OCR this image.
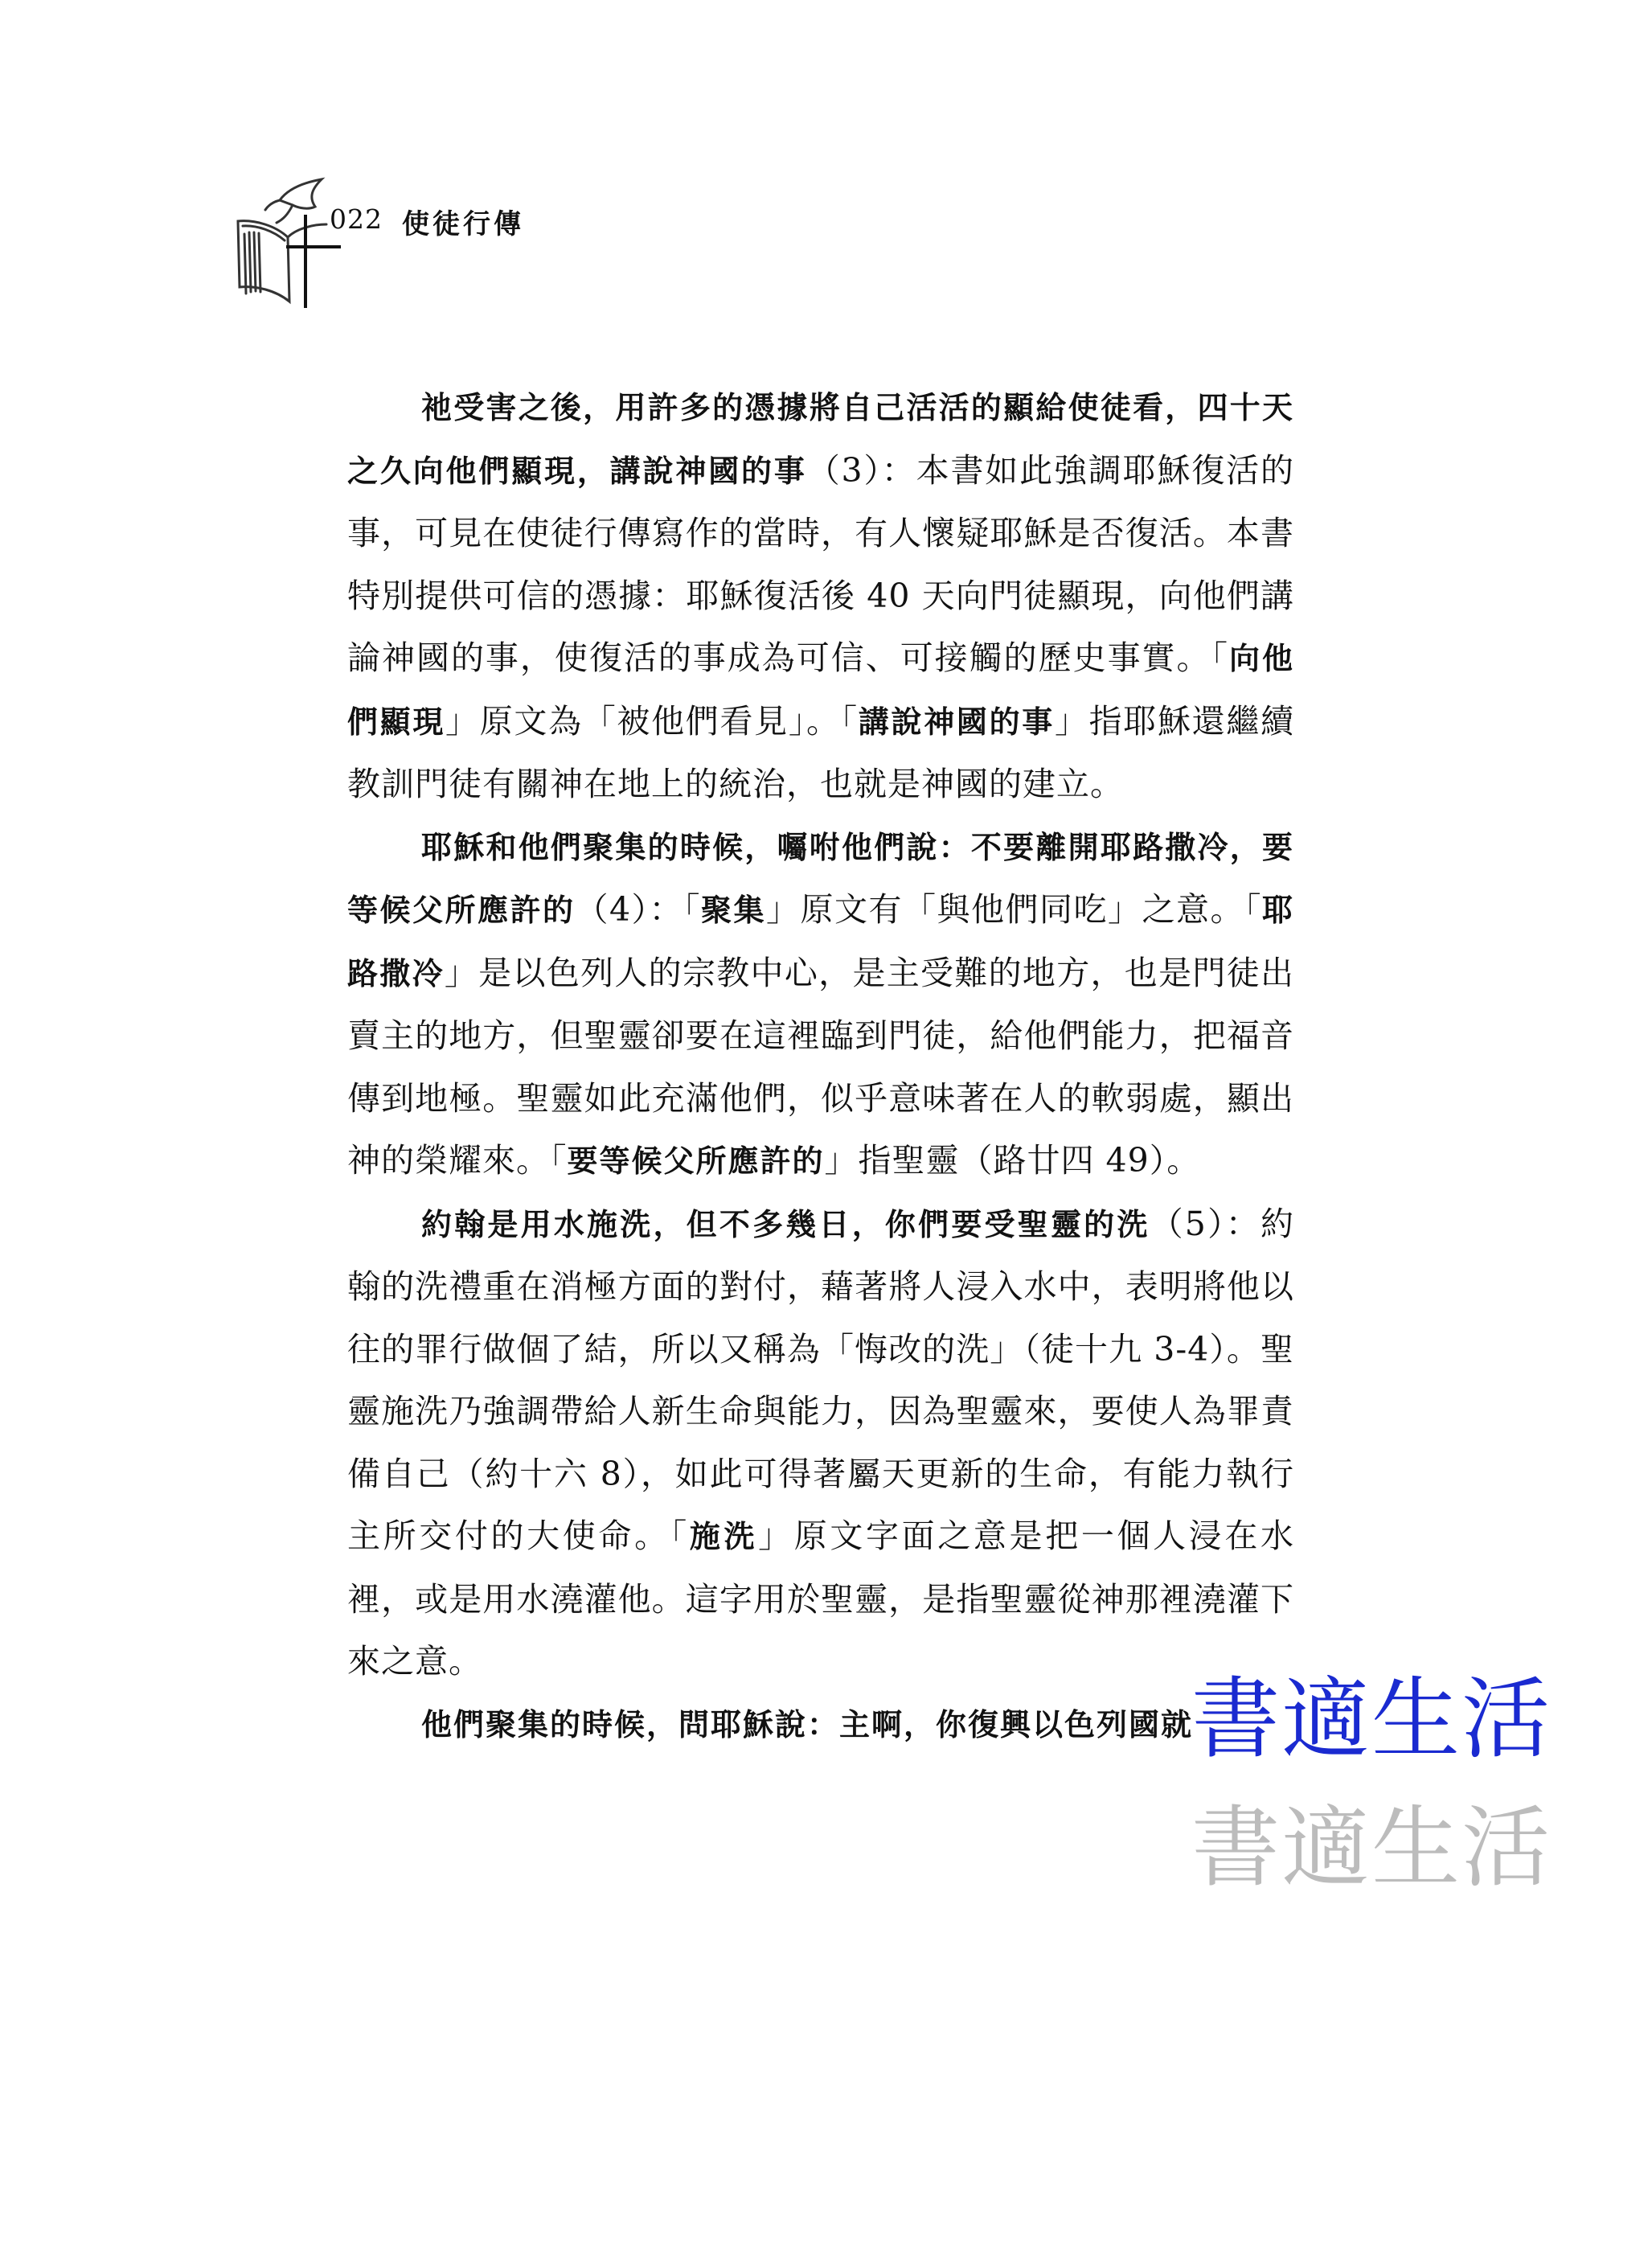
022 使徒行傳

祂受害之後，用許多的憑據將自己活活的顯給使徒看，四十天之久向他們顯現，講說神國的事（3）：本書如此強調耶穌復活的事，可見在使徒行傳寫作的當時，有人懷疑耶穌是否復活。本書特別提供可信的憑據：耶穌復活後 40 天向門徒顯現，向他們講論神國的事，使復活的事成為可信、可接觸的歷史事實。「向他們顯現」原文為「被他們看見」。「講說神國的事」指耶穌還繼續教訓門徒有關神在地上的統治，也就是神國的建立。

耶穌和他們聚集的時候，囑咐他們說：不要離開耶路撒冷，要等候父所應許的（4）：「聚集」原文有「與他們同吃」之意。「耶路撒冷」是以色列人的宗教中心，是主受難的地方，也是門徒出賣主的地方，但聖靈卻要在這裡臨到門徒，給他們能力，把福音傳到地極。聖靈如此充滿他們，似乎意味著在人的軟弱處，顯出神的榮耀來。「要等候父所應許的」指聖靈（路廿四 49）。

約翰是用水施洗，但不多幾日，你們要受聖靈的洗（5）：約翰的洗禮重在消極方面的對付，藉著將人浸入水中，表明將他以往的罪行做個了結，所以又稱為「悔改的洗」（徒十九 3-4）。聖靈施洗乃強調帶給人新生命與能力，因為聖靈來，要使人為罪責備自己（約十六 8），如此可得著屬天更新的生命，有能力執行主所交付的大使命。「施洗」原文字面之意是把一個人浸在水裡，或是用水澆灌他。這字用於聖靈，是指聖靈從神那裡澆灌下來之意。

他們聚集的時候，問耶穌說：主啊，你復興以色列國就

書適生活
書適生活
